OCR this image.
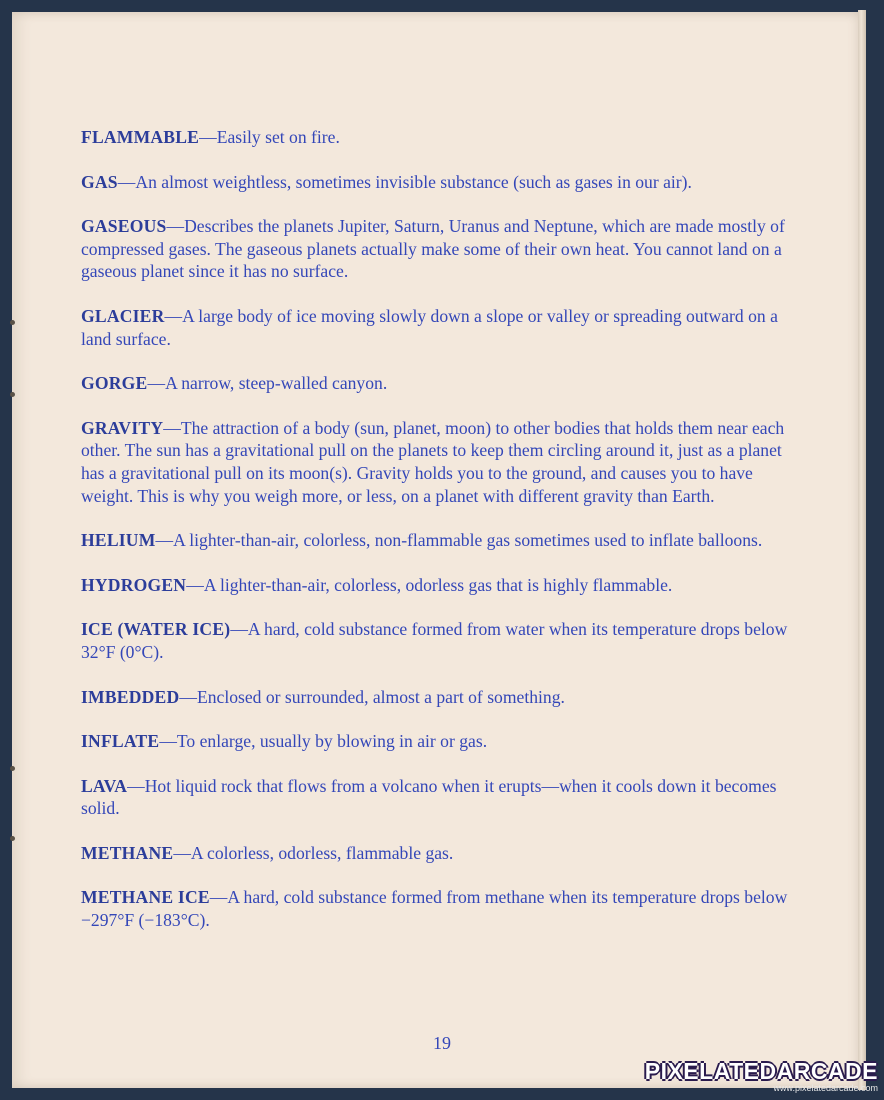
FLAMMABLE—Easily set on fire.
GAS—An almost weightless, sometimes invisible substance (such as gases in our air).
GASEOUS—Describes the planets Jupiter, Saturn, Uranus and Neptune, which are made mostly of compressed gases. The gaseous planets actually make some of their own heat. You cannot land on a gaseous planet since it has no surface.
GLACIER—A large body of ice moving slowly down a slope or valley or spreading outward on a land surface.
GORGE—A narrow, steep-walled canyon.
GRAVITY—The attraction of a body (sun, planet, moon) to other bodies that holds them near each other. The sun has a gravitational pull on the planets to keep them circling around it, just as a planet has a gravitational pull on its moon(s). Gravity holds you to the ground, and causes you to have weight. This is why you weigh more, or less, on a planet with different gravity than Earth.
HELIUM—A lighter-than-air, colorless, non-flammable gas sometimes used to inflate balloons.
HYDROGEN—A lighter-than-air, colorless, odorless gas that is highly flammable.
ICE (WATER ICE)—A hard, cold substance formed from water when its temperature drops below 32°F (0°C).
IMBEDDED—Enclosed or surrounded, almost a part of something.
INFLATE—To enlarge, usually by blowing in air or gas.
LAVA—Hot liquid rock that flows from a volcano when it erupts—when it cools down it becomes solid.
METHANE—A colorless, odorless, flammable gas.
METHANE ICE—A hard, cold substance formed from methane when its temperature drops below −297°F (−183°C).
19
PIXELATEDARCADE
www.pixelatedarcade.com
